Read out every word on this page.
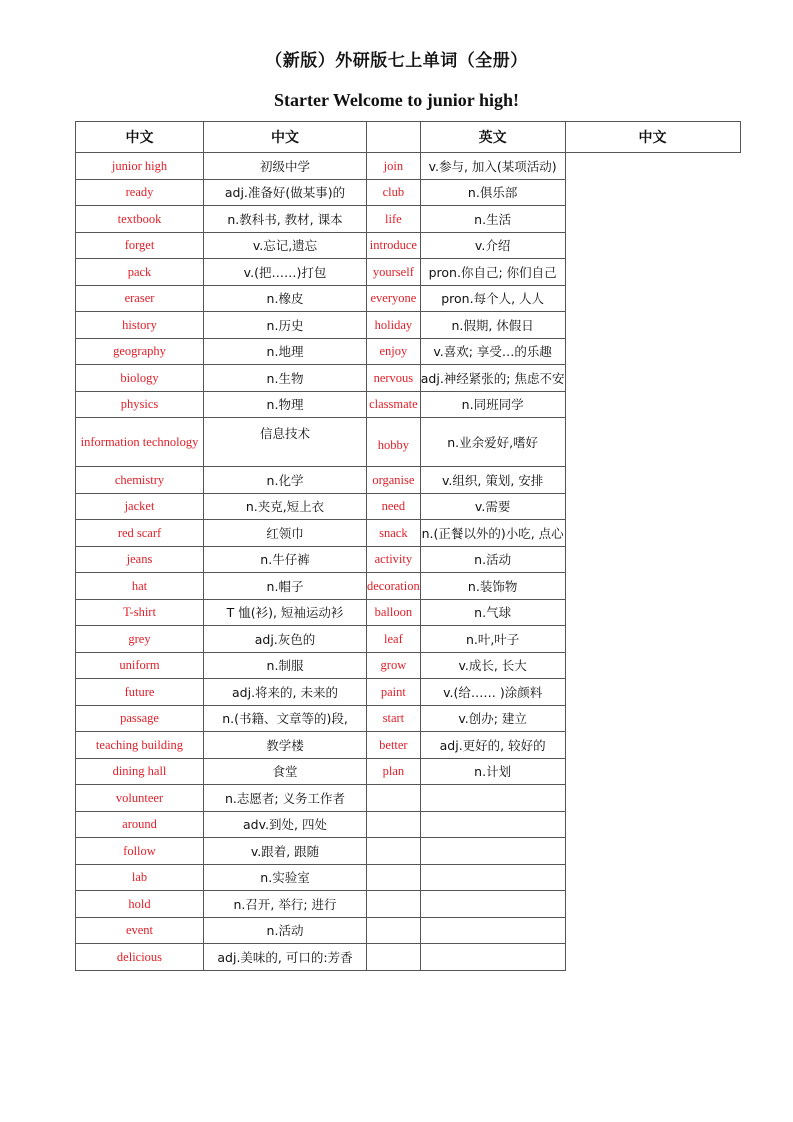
（新版）外研版七上单词（全册）
Starter Welcome to junior high!
中文	中文		英文	中文
junior high	初级中学	join	v.参与, 加入(某项活动)	
ready	adj.准备好(做某事)的	club	n.俱乐部	
textbook	n.教科书, 教材, 课本	life	n.生活	
forget	v.忘记,遗忘	introduce	v.介绍	
pack	v.(把……)打包	yourself	pron.你自己; 你们自己	
eraser	n.橡皮	everyone	pron.每个人, 人人	
history	n.历史	holiday	n.假期, 休假日	
geography	n.地理	enjoy	v.喜欢; 享受…的乐趣	
biology	n.生物	nervous	adj.神经紧张的; 焦虑不安	
physics	n.物理	classmate	n.同班同学	
information technology	信息技术	hobby	n.业余爱好,嗜好	
chemistry	n.化学	organise	v.组织, 策划, 安排	
jacket	n.夹克,短上衣	need	v.需要	
red scarf	红领巾	snack	n.(正餐以外的)小吃, 点心	
jeans	n.牛仔裤	activity	n.活动	
hat	n.帽子	decoration	n.装饰物	
T-shirt	T 恤(衫), 短袖运动衫	balloon	n.气球	
grey	adj.灰色的	leaf	n.叶,叶子	
uniform	n.制服	grow	v.成长, 长大	
future	adj.将来的, 未来的	paint	v.(给…… )涂颜料	
passage	n.(书籍、文章等的)段,	start	v.创办; 建立	
teaching building	教学楼	better	adj.更好的, 较好的	
dining hall	食堂	plan	n.计划	
volunteer	n.志愿者; 义务工作者			
around	adv.到处, 四处			
follow	v.跟着, 跟随			
lab	n.实验室			
hold	n.召开, 举行; 进行			
event	n.活动			
delicious	adj.美味的, 可口的:芳香			
